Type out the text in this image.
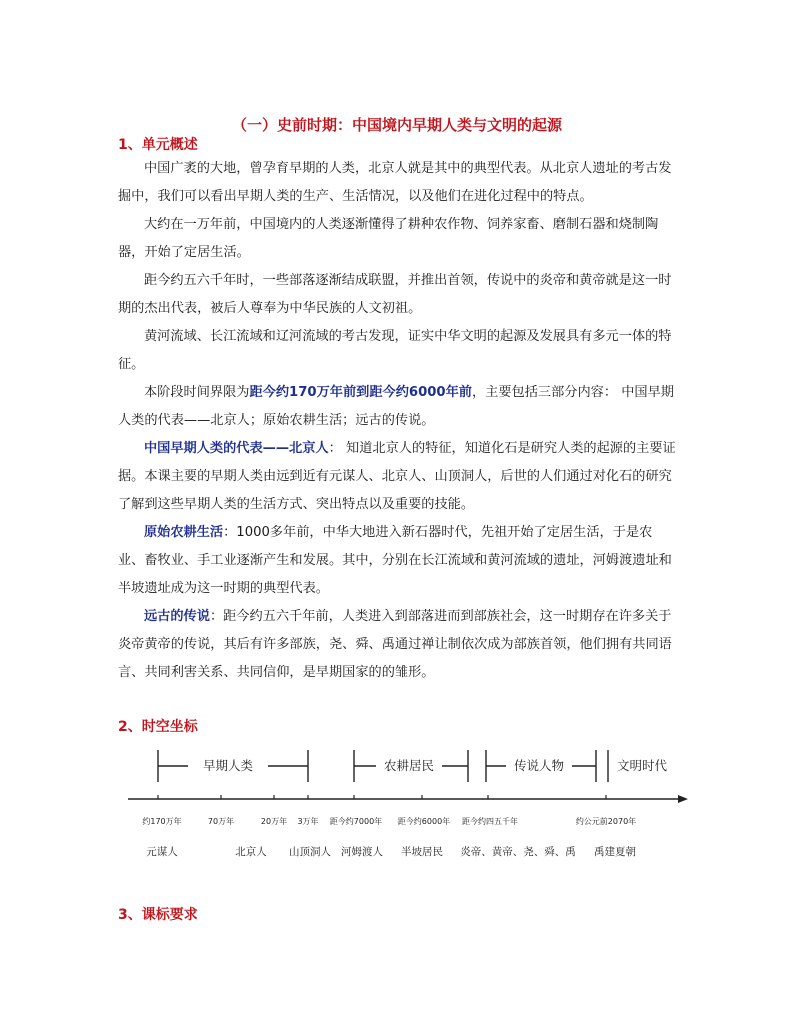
（一）史前时期：中国境内早期人类与文明的起源
1、单元概述

中国广袤的大地，曾孕育早期的人类，北京人就是其中的典型代表。从北京人遗址的考古发掘中，我们可以看出早期人类的生产、生活情况，以及他们在进化过程中的特点。

大约在一万年前，中国境内的人类逐渐懂得了耕种农作物、饲养家畜、磨制石器和烧制陶器，开始了定居生活。

距今约五六千年时，一些部落逐渐结成联盟，并推出首领，传说中的炎帝和黄帝就是这一时期的杰出代表，被后人尊奉为中华民族的人文初祖。

黄河流域、长江流域和辽河流域的考古发现，证实中华文明的起源及发展具有多元一体的特征。

本阶段时间界限为距今约170万年前到距今约6000年前，主要包括三部分内容： 中国早期人类的代表——北京人；原始农耕生活；远古的传说。

中国早期人类的代表——北京人： 知道北京人的特征，知道化石是研究人类的起源的主要证据。本课主要的早期人类由远到近有元谋人、北京人、山顶洞人，后世的人们通过对化石的研究了解到这些早期人类的生活方式、突出特点以及重要的技能。

原始农耕生活：1000多年前，中华大地进入新石器时代，先祖开始了定居生活，于是农业、畜牧业、手工业逐渐产生和发展。其中，分别在长江流域和黄河流域的遗址，河姆渡遗址和半坡遗址成为这一时期的典型代表。

远古的传说：距今约五六千年前，人类进入到部落进而到部族社会，这一时期存在许多关于炎帝黄帝的传说，其后有许多部族，尧、舜、禹通过禅让制依次成为部族首领，他们拥有共同语言、共同利害关系、共同信仰，是早期国家的的雏形。

2、时空坐标
早期人类	农耕居民	传说人物	文明时代
约170万年	70万年	20万年 3万年 距今约7000年 距今约6000年 距今约四五千年	约公元前2070年
元谋人	北京人 山顶洞人 河姆渡人 半坡居民 炎帝、黄帝、尧、舜、禹 禹建夏朝
3、课标要求
